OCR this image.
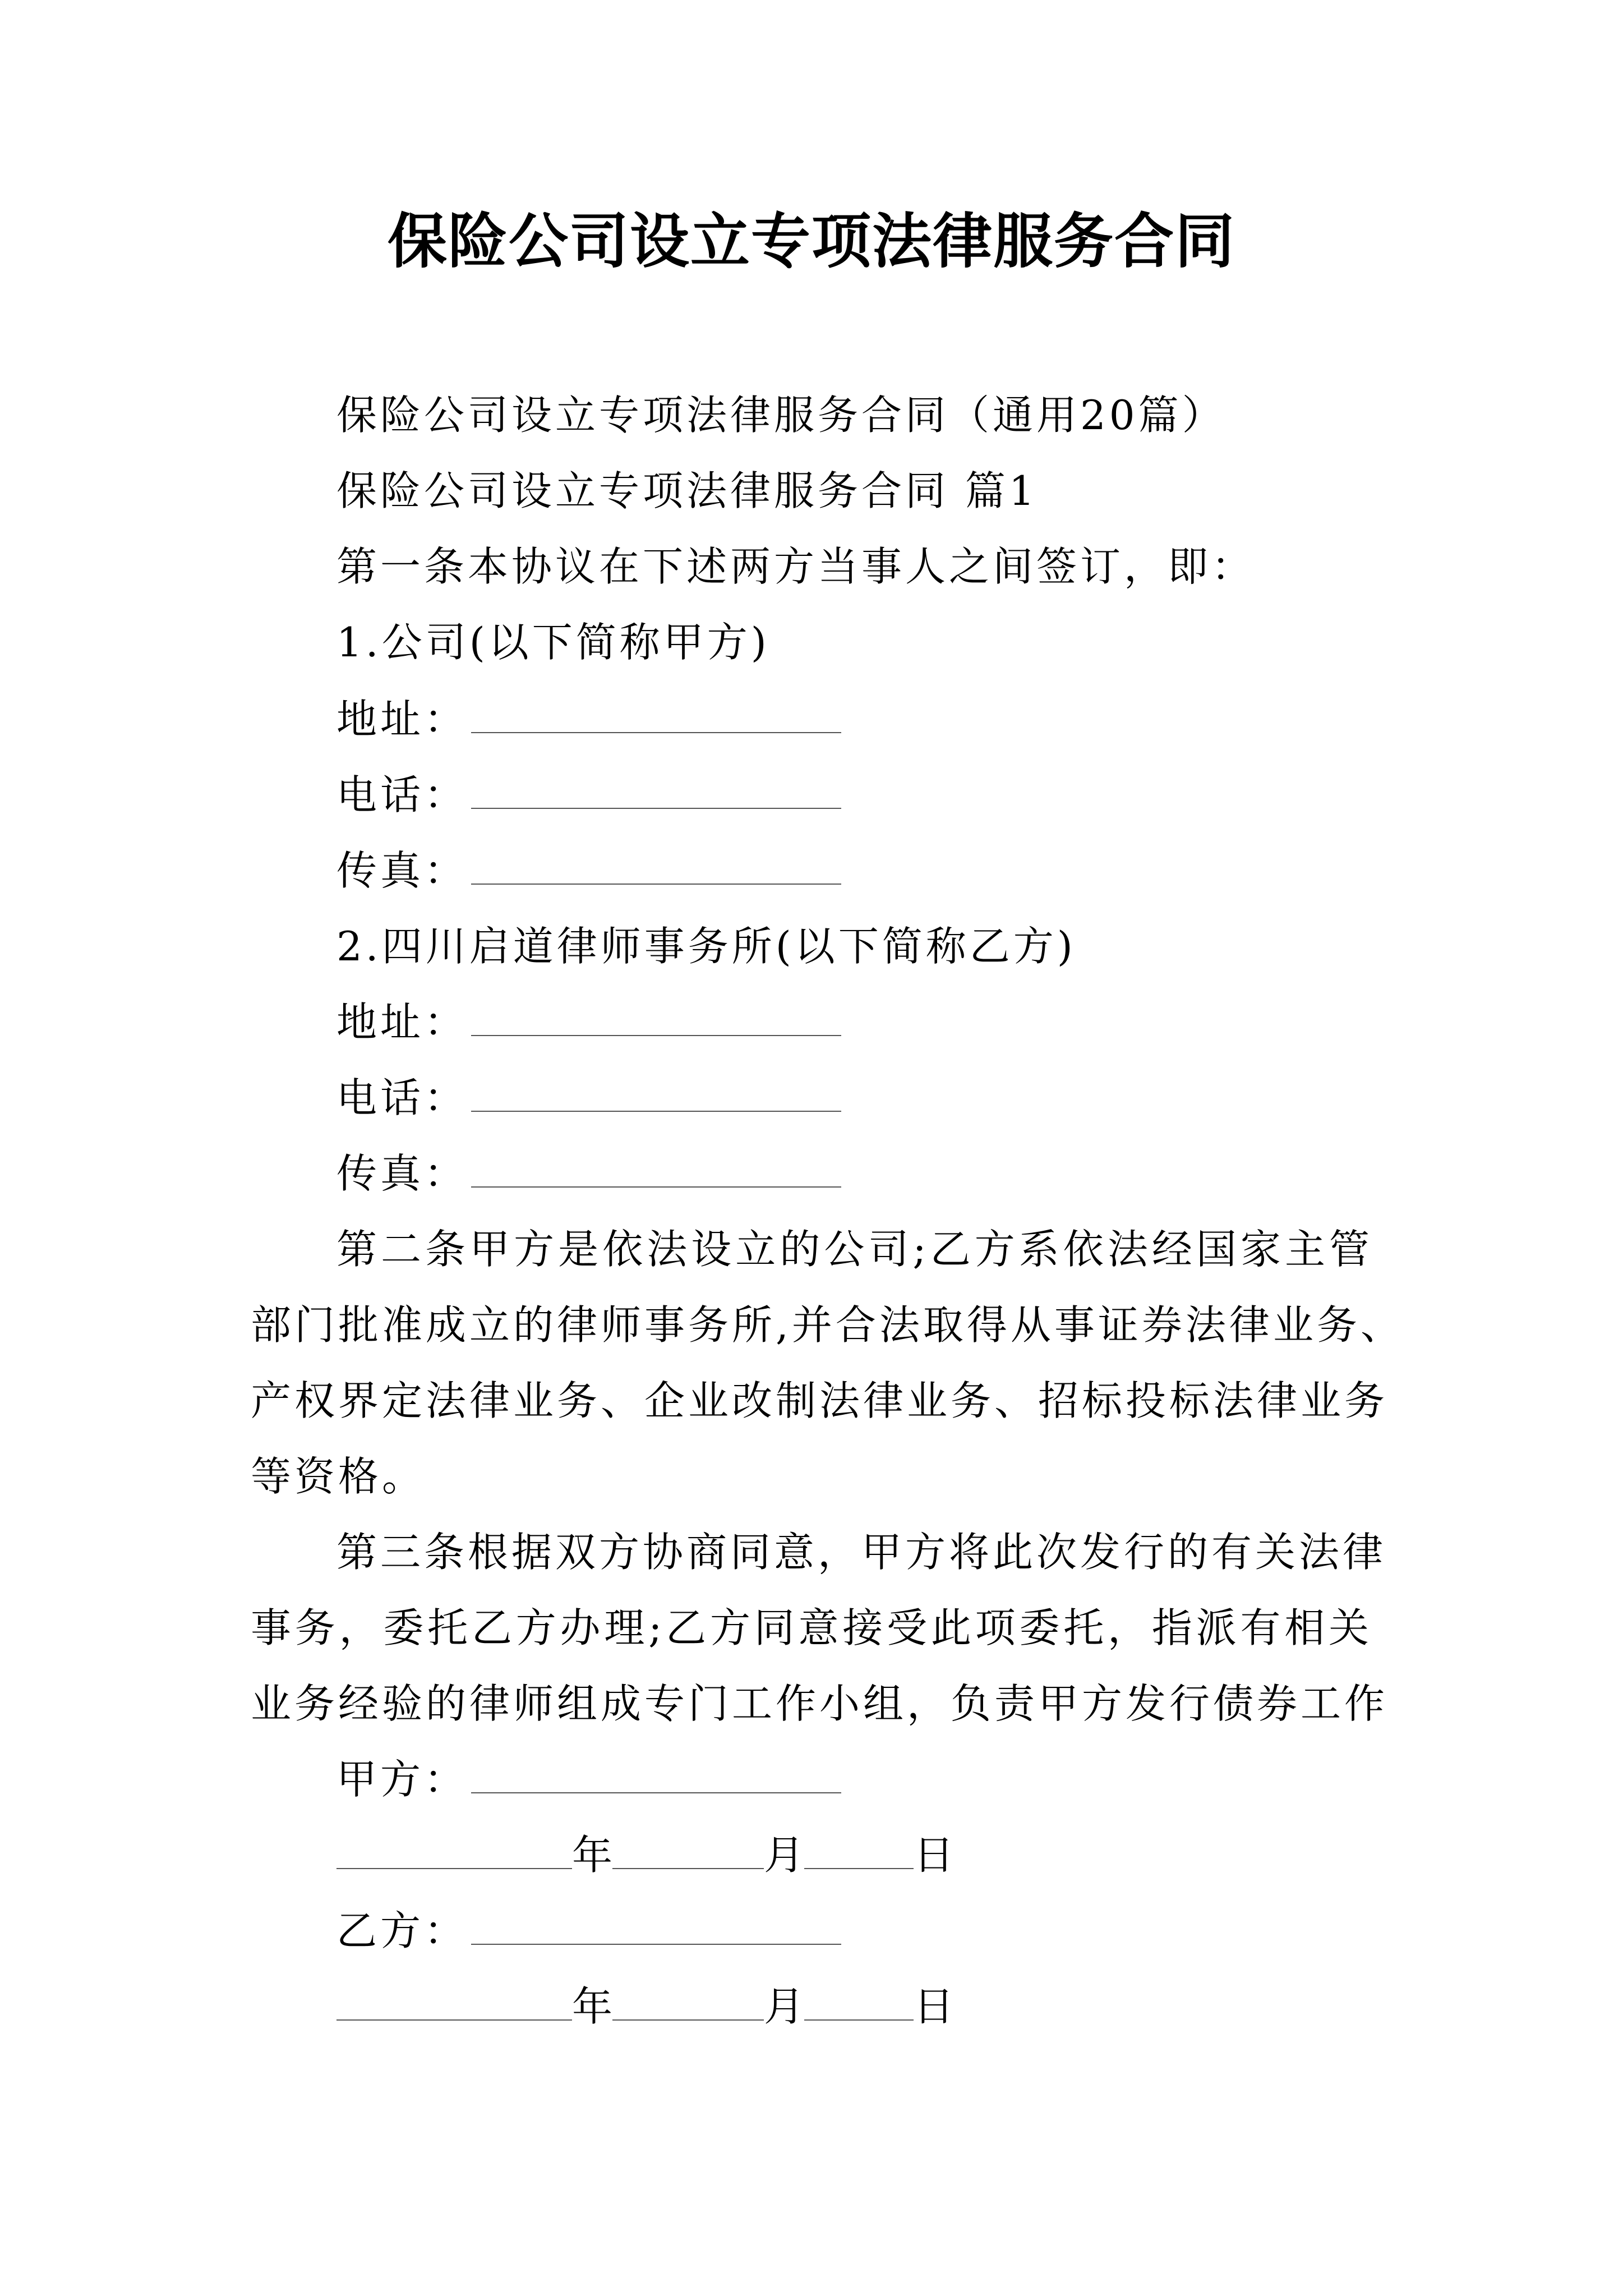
保险公司设立专项法律服务合同
保险公司设立专项法律服务合同（通用20篇）
保险公司设立专项法律服务合同 篇1
第一条本协议在下述两方当事人之间签订，即：
1.公司(以下简称甲方)
地址：
电话：
传真：
2.四川启道律师事务所(以下简称乙方)
地址：
电话：
传真：
第二条甲方是依法设立的公司;乙方系依法经国家主管
部门批准成立的律师事务所,并合法取得从事证券法律业务、
产权界定法律业务、企业改制法律业务、招标投标法律业务
等资格。
第三条根据双方协商同意，甲方将此次发行的有关法律
事务，委托乙方办理;乙方同意接受此项委托，指派有相关
业务经验的律师组成专门工作小组，负责甲方发行债券工作
甲方：
年	月	日
乙方：
年	月	日
